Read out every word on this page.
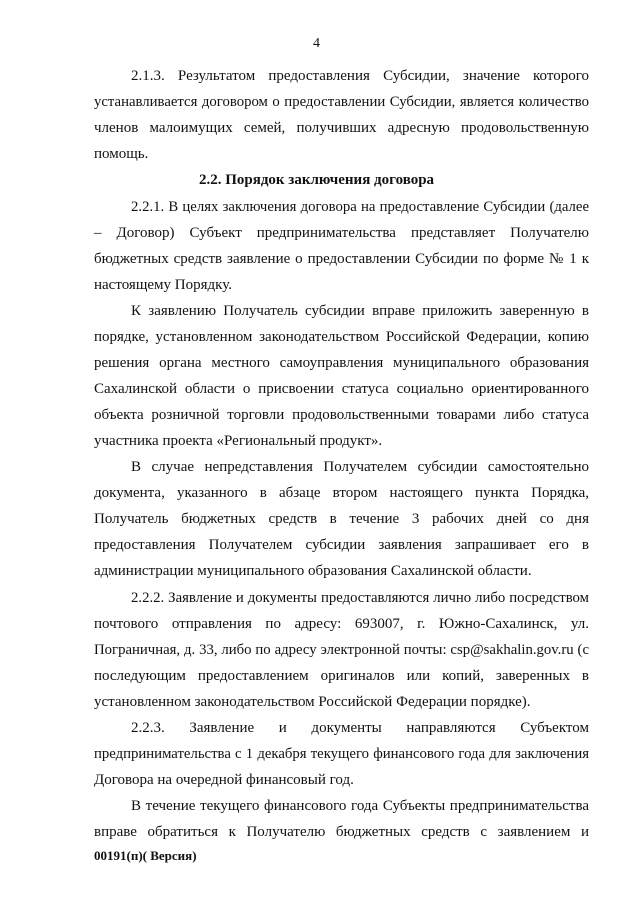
4
2.1.3. Результатом предоставления Субсидии, значение которого
устанавливается договором о предоставлении Субсидии, является количество
членов малоимущих семей, получивших адресную продовольственную
помощь.
2.2. Порядок заключения договора
2.2.1. В целях заключения договора на предоставление Субсидии (далее
– Договор) Субъект предпринимательства представляет Получателю
бюджетных средств заявление о предоставлении Субсидии по форме № 1 к
настоящему Порядку.
К заявлению Получатель субсидии вправе приложить заверенную в
порядке, установленном законодательством Российской Федерации, копию
решения органа местного самоуправления муниципального образования
Сахалинской области о присвоении статуса социально ориентированного
объекта розничной торговли продовольственными товарами либо статуса
участника проекта «Региональный продукт».
В случае непредставления Получателем субсидии самостоятельно
документа, указанного в абзаце втором настоящего пункта Порядка,
Получатель бюджетных средств в течение 3 рабочих дней со дня
предоставления Получателем субсидии заявления запрашивает его в
администрации муниципального образования Сахалинской области.
2.2.2. Заявление и документы предоставляются лично либо посредством
почтового отправления по адресу: 693007, г. Южно-Сахалинск, ул.
Пограничная, д. 33, либо по адресу электронной почты: csp@sakhalin.gov.ru (с
последующим предоставлением оригиналов или копий, заверенных в
установленном законодательством Российской Федерации порядке).
2.2.3. Заявление и документы направляются Субъектом
предпринимательства с 1 декабря текущего финансового года для заключения
Договора на очередной финансовый год.
В течение текущего финансового года Субъекты предпринимательства
вправе обратиться к Получателю бюджетных средств с заявлением и
00191(п)( Версия)
